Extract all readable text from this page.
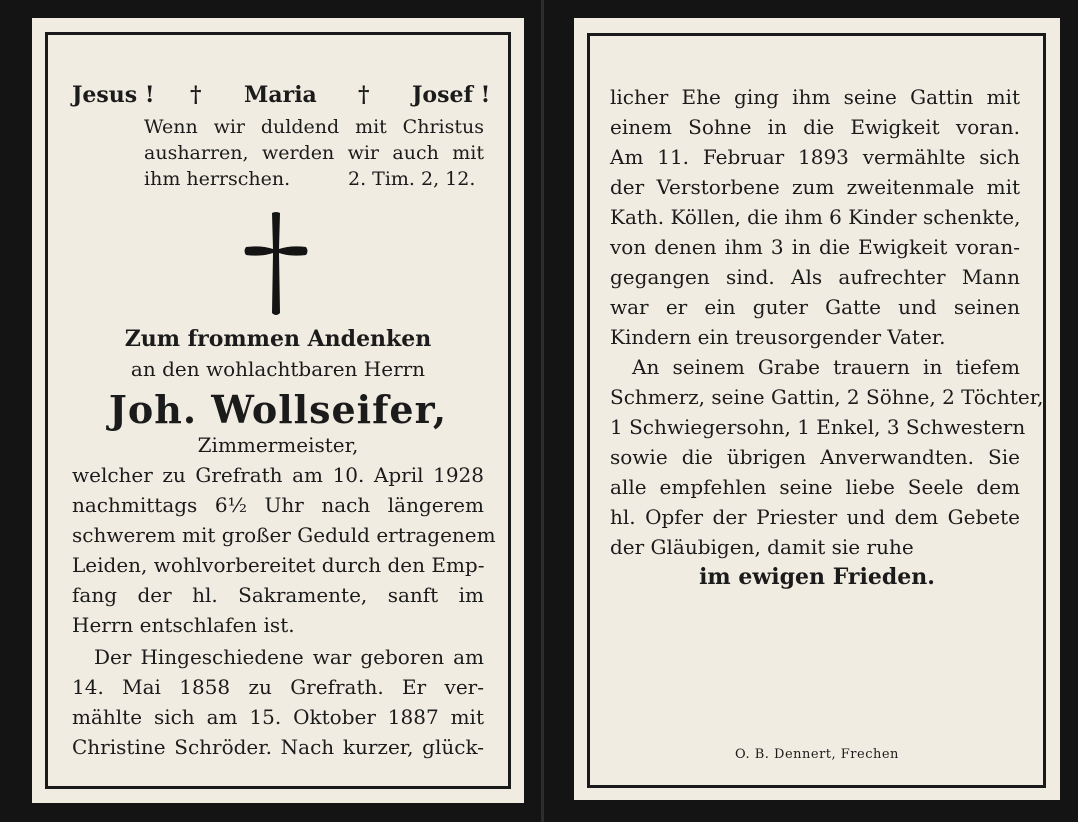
Jesus ! † Maria † Josef !
Wenn wir duldend mit Christus
ausharren, werden wir auch mit
ihm herrschen.	2. Tim. 2, 12.
Zum frommen Andenken
an den wohlachtbaren Herrn
Joh. Wollseifer,
Zimmermeister,
welcher zu Grefrath am 10. April 1928
nachmittags 6½ Uhr nach längerem
schwerem mit großer Geduld ertragenem
Leiden, wohlvorbereitet durch den Emp-
fang der hl. Sakramente, sanft im
Herrn entschlafen ist.
Der Hingeschiedene war geboren am
14. Mai 1858 zu Grefrath. Er ver-
mählte sich am 15. Oktober 1887 mit
Christine Schröder. Nach kurzer, glück-
licher Ehe ging ihm seine Gattin mit
einem Sohne in die Ewigkeit voran.
Am 11. Februar 1893 vermählte sich
der Verstorbene zum zweitenmale mit
Kath. Köllen, die ihm 6 Kinder schenkte,
von denen ihm 3 in die Ewigkeit voran-
gegangen sind. Als aufrechter Mann
war er ein guter Gatte und seinen
Kindern ein treusorgender Vater.
An seinem Grabe trauern in tiefem
Schmerz, seine Gattin, 2 Söhne, 2 Töchter,
1 Schwiegersohn, 1 Enkel, 3 Schwestern
sowie die übrigen Anverwandten. Sie
alle empfehlen seine liebe Seele dem
hl. Opfer der Priester und dem Gebete
der Gläubigen, damit sie ruhe
im ewigen Frieden.
O. B. Dennert, Frechen
